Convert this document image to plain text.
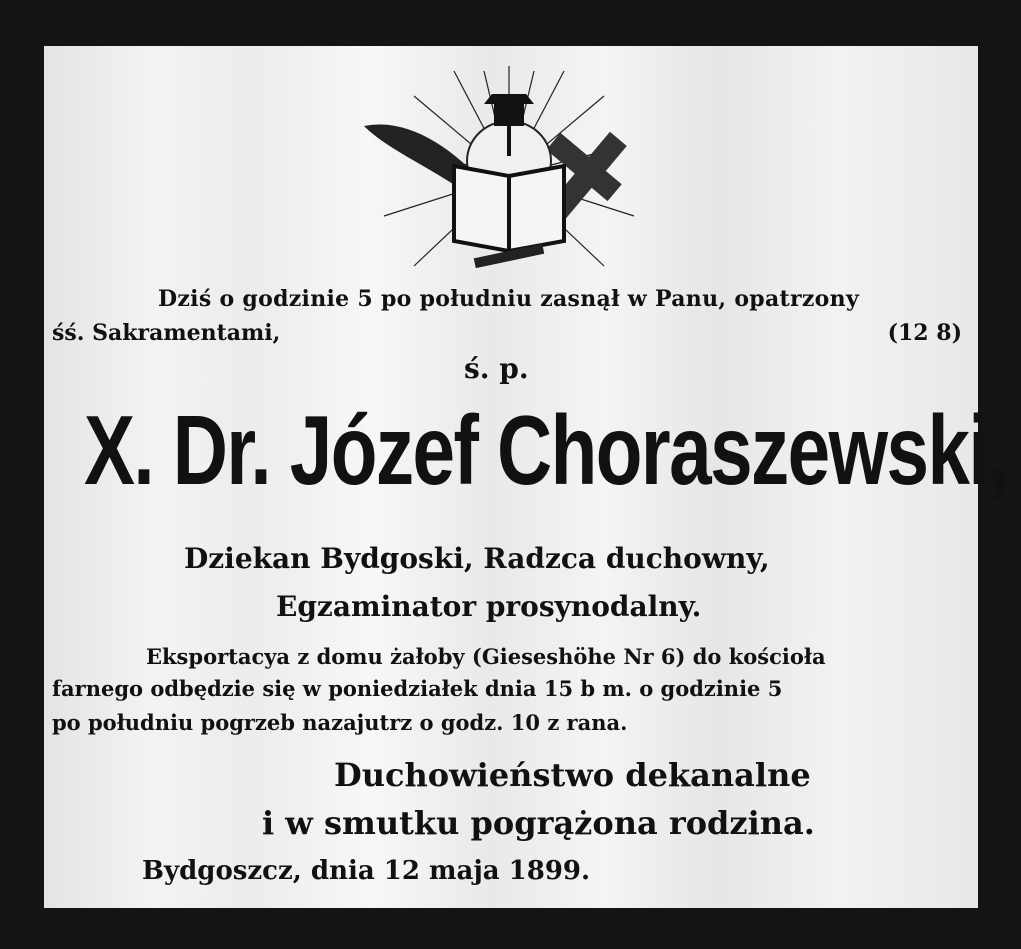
Dziś o godzinie 5 po południu zasnął w Panu, opatrzony
śś. Sakramentami,	(12 8)
ś. p.
X. Dr. Józef Choraszewski,
Dziekan Bydgoski, Radzca duchowny,
Egzaminator prosynodalny.
Eksportacya z domu żałoby (Gieseshöhe Nr 6) do kościoła
farnego odbędzie się w poniedziałek dnia 15 b m. o godzinie 5
po południu pogrzeb nazajutrz o godz. 10 z rana.
Duchowieństwo dekanalne
i w smutku pogrążona rodzina.
Bydgoszcz, dnia 12 maja 1899.
